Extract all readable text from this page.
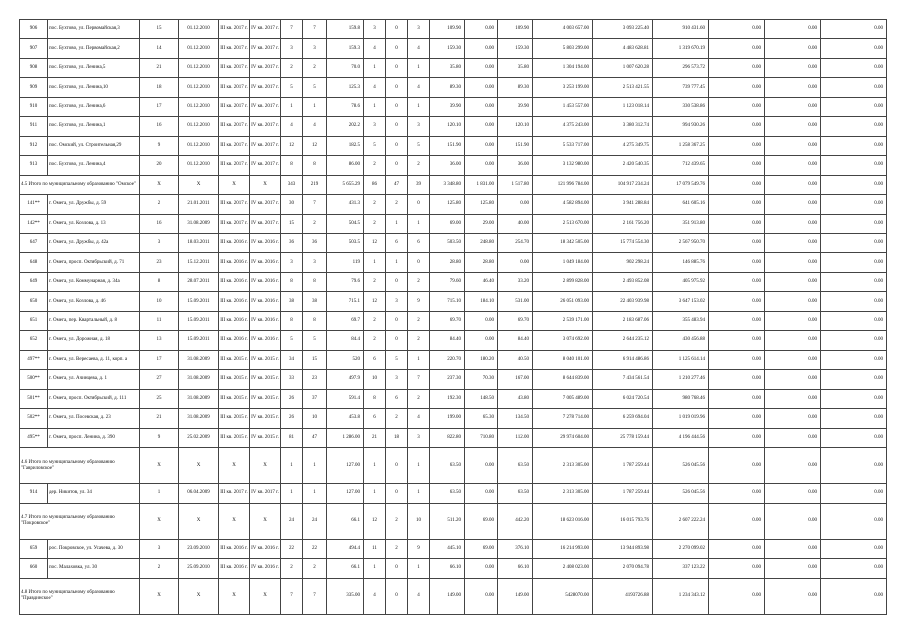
906	пос. Бухтово, ул. Первомайская,3	15	01.12.2010	III кв. 2017 г.	IV кв. 2017 г.	7	7	159.8	3	0	3	109.90	0.00	109.90	4 003 657.00	3 093 225.40	910 431.60	0.00	0.00	0.00
907	пос. Бухтово, ул. Первомайская,2	14	01.12.2010	III кв. 2017 г.	IV кв. 2017 г.	3	3	159.3	4	0	4	159.30	0.00	159.30	5 803 299.00	4 483 628.81	1 319 670.19	0.00	0.00	0.00
908	пос. Бухтово, ул. Ленина,5	21	01.12.2010	III кв. 2017 г.	IV кв. 2017 г.	2	2	70.0	1	0	1	35.80	0.00	35.80	1 304 194.00	1 007 620.28	296 573.72	0.00	0.00	0.00
909	пос. Бухтово, ул. Ленина,10	18	01.12.2010	III кв. 2017 г.	IV кв. 2017 г.	5	5	125.3	4	0	4	89.30	0.00	89.30	3 253 199.00	2 513 421.55	739 777.45	0.00	0.00	0.00
910	пос. Бухтово, ул. Ленина,6	17	01.12.2010	III кв. 2017 г.	IV кв. 2017 г.	1	1	78.6	1	0	1	39.90	0.00	39.90	1 453 557.00	1 123 018.14	330 538.86	0.00	0.00	0.00
911	пос. Бухтово, ул. Ленина,1	16	01.12.2010	III кв. 2017 г.	IV кв. 2017 г.	4	4	202.2	3	0	3	120.10	0.00	120.10	4 375 243.00	3 380 312.74	994 930.26	0.00	0.00	0.00
912	пос. Омский, ул. Строительная,29	9	01.12.2010	III кв. 2017 г.	IV кв. 2017 г.	12	12	182.5	5	0	5	151.90	0.00	151.90	5 533 717.00	4 275 349.75	1 258 367.25	0.00	0.00	0.00
913	пос. Бухтово, ул. Ленина,4	20	01.12.2010	III кв. 2017 г.	IV кв. 2017 г.	8	8	86.00	2	0	2	36.00	0.00	36.00	3 132 980.00	2 420 540.35	712 439.65	0.00	0.00	0.00
4.5 Итого по муниципальному образованию "Омское"		X	X	X	X	343	219	5 655.29	86	47	39	3 348.80	1 831.00	1 517.80	121 996 784.00	104 917 234.24	17 079 549.76	0.00	0.00	0.00
141**	г. Омега, ул. Дружбы, д. 59	2	21.01.2011	III кв. 2017 г.	IV кв. 2017 г.	30	7	431.3	2	2	0	125.80	125.80	0.00	4 582 894.00	3 941 288.84	641 605.16	0.00	0.00	0.00
142**	г. Омега, ул. Козлова, д. 13	16	31.08.2009	III кв. 2017 г.	IV кв. 2017 г.	15	2	504.5	2	1	1	69.00	29.00	40.00	2 513 670.00	2 161 756.20	351 913.80	0.00	0.00	0.00
647	г. Омега, ул. Дружбы, д. 42а	3	18.03.2011	III кв. 2016 г.	IV кв. 2016 г.	36	36	503.5	12	6	6	503.50	248.80	254.70	18 342 505.00	15 774 554.30	2 567 950.70	0.00	0.00	0.00
648	г. Омега, просп. Октябрьский, д. 71	23	15.12.2011	III кв. 2016 г.	IV кв. 2016 г.	3	3	119	1	1	0	28.80	28.80	0.00	1 049 184.00	902 298.24	146 885.76	0.00	0.00	0.00
649	г. Омега, ул. Коммунарная, д. 34а	8	28.07.2011	III кв. 2016 г.	IV кв. 2016 г.	8	8	79.6	2	0	2	79.60	46.40	33.20	2 899 828.00	2 493 852.08	405 975.92	0.00	0.00	0.00
650	г. Омега, ул. Козлова, д. 46	10	15.09.2011	III кв. 2016 г.	IV кв. 2016 г.	38	38	715.1	12	3	9	715.10	184.10	531.00	26 051 093.00	22 403 939.98	3 647 153.02	0.00	0.00	0.00
651	г. Омега, пер. Квартальный, д. 8	11	15.09.2011	III кв. 2016 г.	IV кв. 2016 г.	8	8	69.7	2	0	2	69.70	0.00	69.70	2 539 171.00	2 183 687.06	355 483.94	0.00	0.00	0.00
652	г. Омега, ул. Дорожная, д. 18	13	15.09.2011	III кв. 2016 г.	IV кв. 2016 г.	5	5	84.4	2	0	2	84.40	0.00	84.40	3 074 692.00	2 644 235.12	430 456.88	0.00	0.00	0.00
497**	г. Омега, ул. Вересаева, д. 11, корп. а	17	31.08.2009	III кв. 2015 г.	IV кв. 2015 г.	34	15	520	6	5	1	220.70	180.20	40.50	8 040 101.00	6 914 486.86	1 125 614.14	0.00	0.00	0.00
500**	г. Омега, ул. Ачинцева, д. 1	27	31.08.2009	III кв. 2015 г.	IV кв. 2015 г.	33	23	497.9	10	3	7	237.30	70.30	167.00	8 644 839.00	7 434 561.54	1 210 277.46	0.00	0.00	0.00
501**	г. Омега, просп. Октябрьский, д. 111	25	31.08.2009	III кв. 2015 г.	IV кв. 2015 г.	26	37	591.4	8	6	2	192.30	148.50	43.80	7 005 489.00	6 024 720.54	980 768.46	0.00	0.00	0.00
502**	г. Омега, ул. Посевская, д. 23	21	31.08.2009	III кв. 2015 г.	IV кв. 2015 г.	26	10	453.8	6	2	4	199.00	65.30	134.50	7 278 714.00	6 259 694.04	1 019 019.96	0.00	0.00	0.00
495**	г. Омега, просп. Ленина, д. 390	9	25.02.2009	III кв. 2015 г.	IV кв. 2015 г.	81	47	1 286.00	21	18	3	822.80	710.80	112.00	29 974 604.00	25 778 159.44	4 196 444.56	0.00	0.00	0.00
4.6 Итого по муниципальному образованию "Гавриловское"		X	X	X	X	1	1	127.00	1	0	1	63.50	0.00	63.50	2 313 305.00	1 787 259.44	526 045.56	0.00	0.00	0.00
914	дер. Никитов, ул. 34	1	06.04.2009	III кв. 2017 г.	IV кв. 2017 г.	1	1	127.00	1	0	1	63.50	0.00	63.50	2 313 305.00	1 787 259.44	526 045.56	0.00	0.00	0.00
4.7 Итого по муниципальному образованию "Покровское"		X	X	X	X	24	24	66.1	12	2	10	511.20	69.00	442.20	18 623 016.00	16 015 793.76	2 607 222.24	0.00	0.00	0.00
659	рос. Покровское, ул. Усачева, д. 30	3	23.09.2010	III кв. 2016 г.	IV кв. 2016 г.	22	22	494.4	11	2	9	445.10	69.00	376.10	16 214 993.00	13 944 893.98	2 270 099.02	0.00	0.00	0.00
660	пос. Малаховка, ул. 30	2	25.09.2010	III кв. 2016 г.	IV кв. 2016 г.	2	2	66.1	1	0	1	66.10	0.00	66.10	2 408 023.00	2 070 094.78	337 123.22	0.00	0.00	0.00
4.8 Итого по муниципальному образованию "Правдинское"		X	X	X	X	7	7	335.00	4	0	4	149.00	0.00	149.00	5428070.00	4193726.88	1 234 343.12	0.00	0.00	0.00
